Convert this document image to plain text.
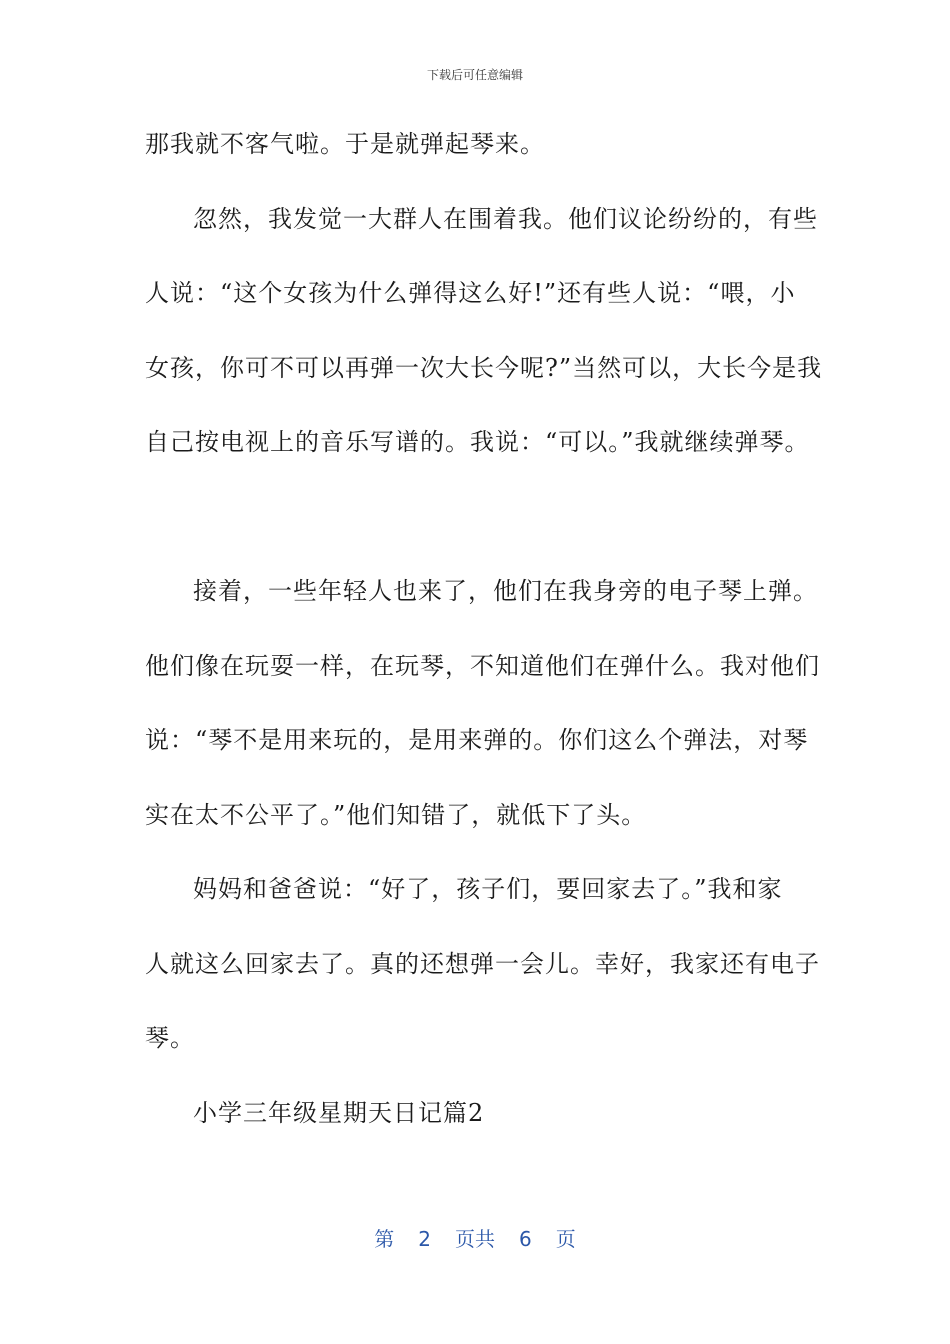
下载后可任意编辑
那我就不客气啦。于是就弹起琴来。
忽然，我发觉一大群人在围着我。他们议论纷纷的，有些
人说：“这个女孩为什么弹得这么好!”还有些人说：“喂，小
女孩，你可不可以再弹一次大长今呢?”当然可以，大长今是我
自己按电视上的音乐写谱的。我说：“可以。”我就继续弹琴。
接着，一些年轻人也来了，他们在我身旁的电子琴上弹。
他们像在玩耍一样，在玩琴，不知道他们在弹什么。我对他们
说：“琴不是用来玩的，是用来弹的。你们这么个弹法，对琴
实在太不公平了。”他们知错了，就低下了头。
妈妈和爸爸说：“好了，孩子们，要回家去了。”我和家
人就这么回家去了。真的还想弹一会儿。幸好，我家还有电子
琴。
小学三年级星期天日记篇2
第 2 页共 6 页
